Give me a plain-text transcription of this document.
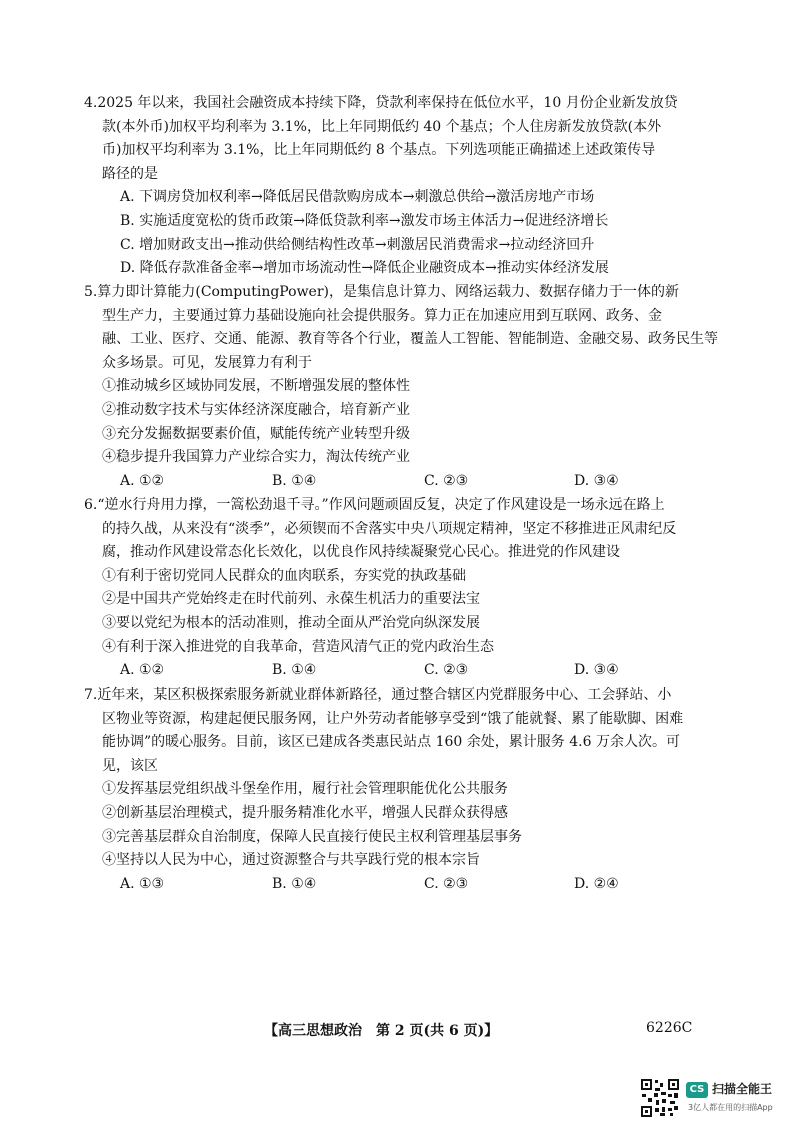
4.2025 年以来，我国社会融资成本持续下降，贷款利率保持在低位水平，10 月份企业新发放贷
款(本外币)加权平均利率为 3.1%，比上年同期低约 40 个基点；个人住房新发放贷款(本外
币)加权平均利率为 3.1%，比上年同期低约 8 个基点。下列选项能正确描述上述政策传导
路径的是
A. 下调房贷加权利率→降低居民借款购房成本→刺激总供给→激活房地产市场
B. 实施适度宽松的货币政策→降低贷款利率→激发市场主体活力→促进经济增长
C. 增加财政支出→推动供给侧结构性改革→刺激居民消费需求→拉动经济回升
D. 降低存款准备金率→增加市场流动性→降低企业融资成本→推动实体经济发展
5.算力即计算能力(ComputingPower)，是集信息计算力、网络运载力、数据存储力于一体的新
型生产力，主要通过算力基础设施向社会提供服务。算力正在加速应用到互联网、政务、金
融、工业、医疗、交通、能源、教育等各个行业，覆盖人工智能、智能制造、金融交易、政务民生等
众多场景。可见，发展算力有利于
①推动城乡区域协同发展，不断增强发展的整体性
②推动数字技术与实体经济深度融合，培育新产业
③充分发掘数据要素价值，赋能传统产业转型升级
④稳步提升我国算力产业综合实力，淘汰传统产业
A. ①②	B. ①④	C. ②③	D. ③④
6.“逆水行舟用力撑，一篙松劲退千寻。”作风问题顽固反复，决定了作风建设是一场永远在路上
的持久战，从来没有“淡季”，必须锲而不舍落实中央八项规定精神，坚定不移推进正风肃纪反
腐，推动作风建设常态化长效化，以优良作风持续凝聚党心民心。推进党的作风建设
①有利于密切党同人民群众的血肉联系，夯实党的执政基础
②是中国共产党始终走在时代前列、永葆生机活力的重要法宝
③要以党纪为根本的活动准则，推动全面从严治党向纵深发展
④有利于深入推进党的自我革命，营造风清气正的党内政治生态
A. ①②	B. ①④	C. ②③	D. ③④
7.近年来，某区积极探索服务新就业群体新路径，通过整合辖区内党群服务中心、工会驿站、小
区物业等资源，构建起便民服务网，让户外劳动者能够享受到“饿了能就餐、累了能歇脚、困难
能协调”的暖心服务。目前，该区已建成各类惠民站点 160 余处，累计服务 4.6 万余人次。可
见，该区
①发挥基层党组织战斗堡垒作用，履行社会管理职能优化公共服务
②创新基层治理模式，提升服务精准化水平，增强人民群众获得感
③完善基层群众自治制度，保障人民直接行使民主权利管理基层事务
④坚持以人民为中心，通过资源整合与共享践行党的根本宗旨
A. ①③	B. ①④	C. ②③	D. ②④
【高三思想政治　第 2 页(共 6 页)】	6226C
CS 扫描全能王
3亿人都在用的扫描App
